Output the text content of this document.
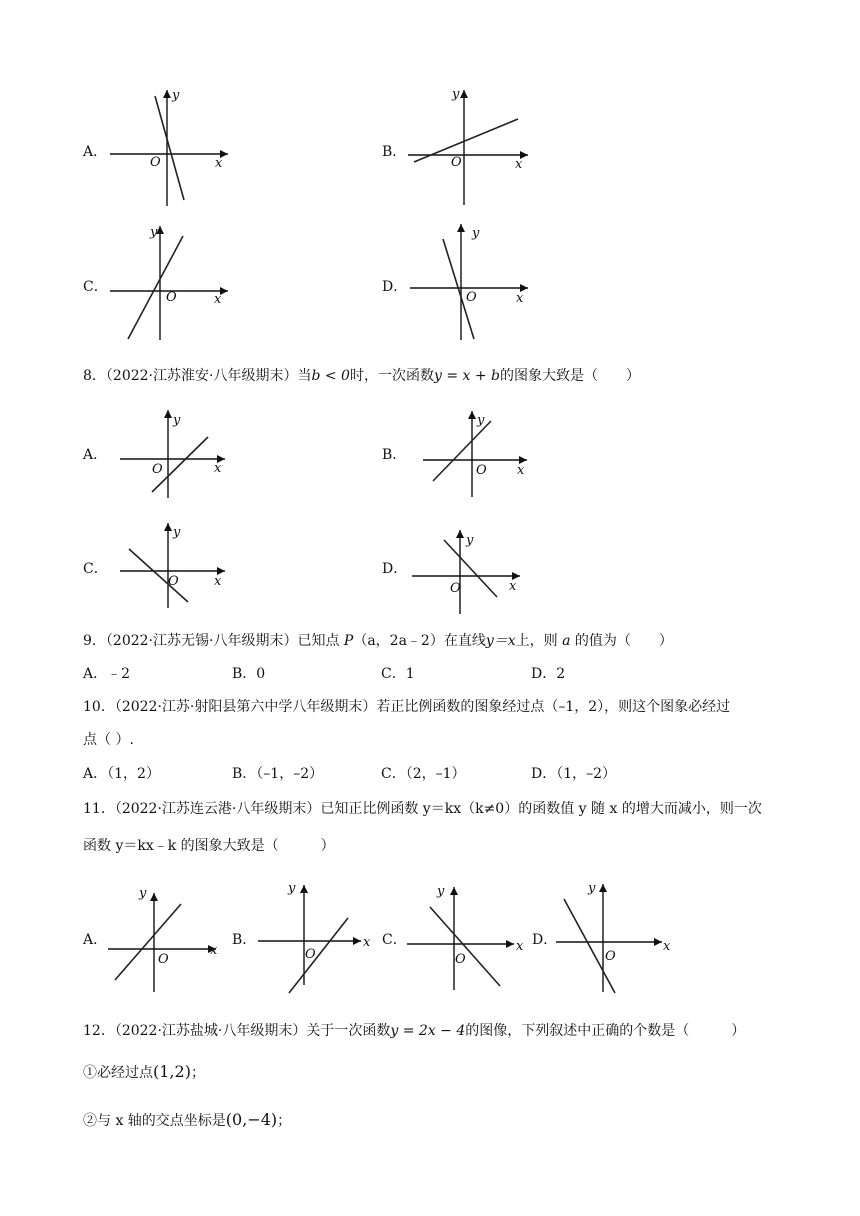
A．
y
x
O
y
x
O
y
x
O
y
x
O
B．
C．	D．
8．（2022·江苏淮安·八年级期末）当b < 0时，一次函数y = x + b的图象大致是（　　）
A．	B．
C．	D．
y
x
O
y
x
O
y
x
O
y
x
O
9．（2022·江苏无锡·八年级期末）已知点 P（a，2a﹣2）在直线y＝x上，则 a 的值为（　　）
A．﹣2	B．0	C．1	D．2
10．（2022·江苏·射阳县第六中学八年级期末）若正比例函数的图象经过点（–1，2），则这个图象必经过
点（ ）.
A．（1，2）	B．（–1，–2）	C．（2，–1）	D．（1，–2）
11．（2022·江苏连云港·八年级期末）已知正比例函数 y＝kx（k≠0）的函数值 y 随 x 的增大而减小，则一次
函数 y＝kx﹣k 的图象大致是（　　　）
A．	B．	C．	D．
y
x
O
y
x
O
y
x
O
y
x
O
12．（2022·江苏盐城·八年级期末）关于一次函数y = 2x − 4的图像，下列叙述中正确的个数是（　　　）
①必经过点(1,2)；
②与 x 轴的交点坐标是(0,−4)；
